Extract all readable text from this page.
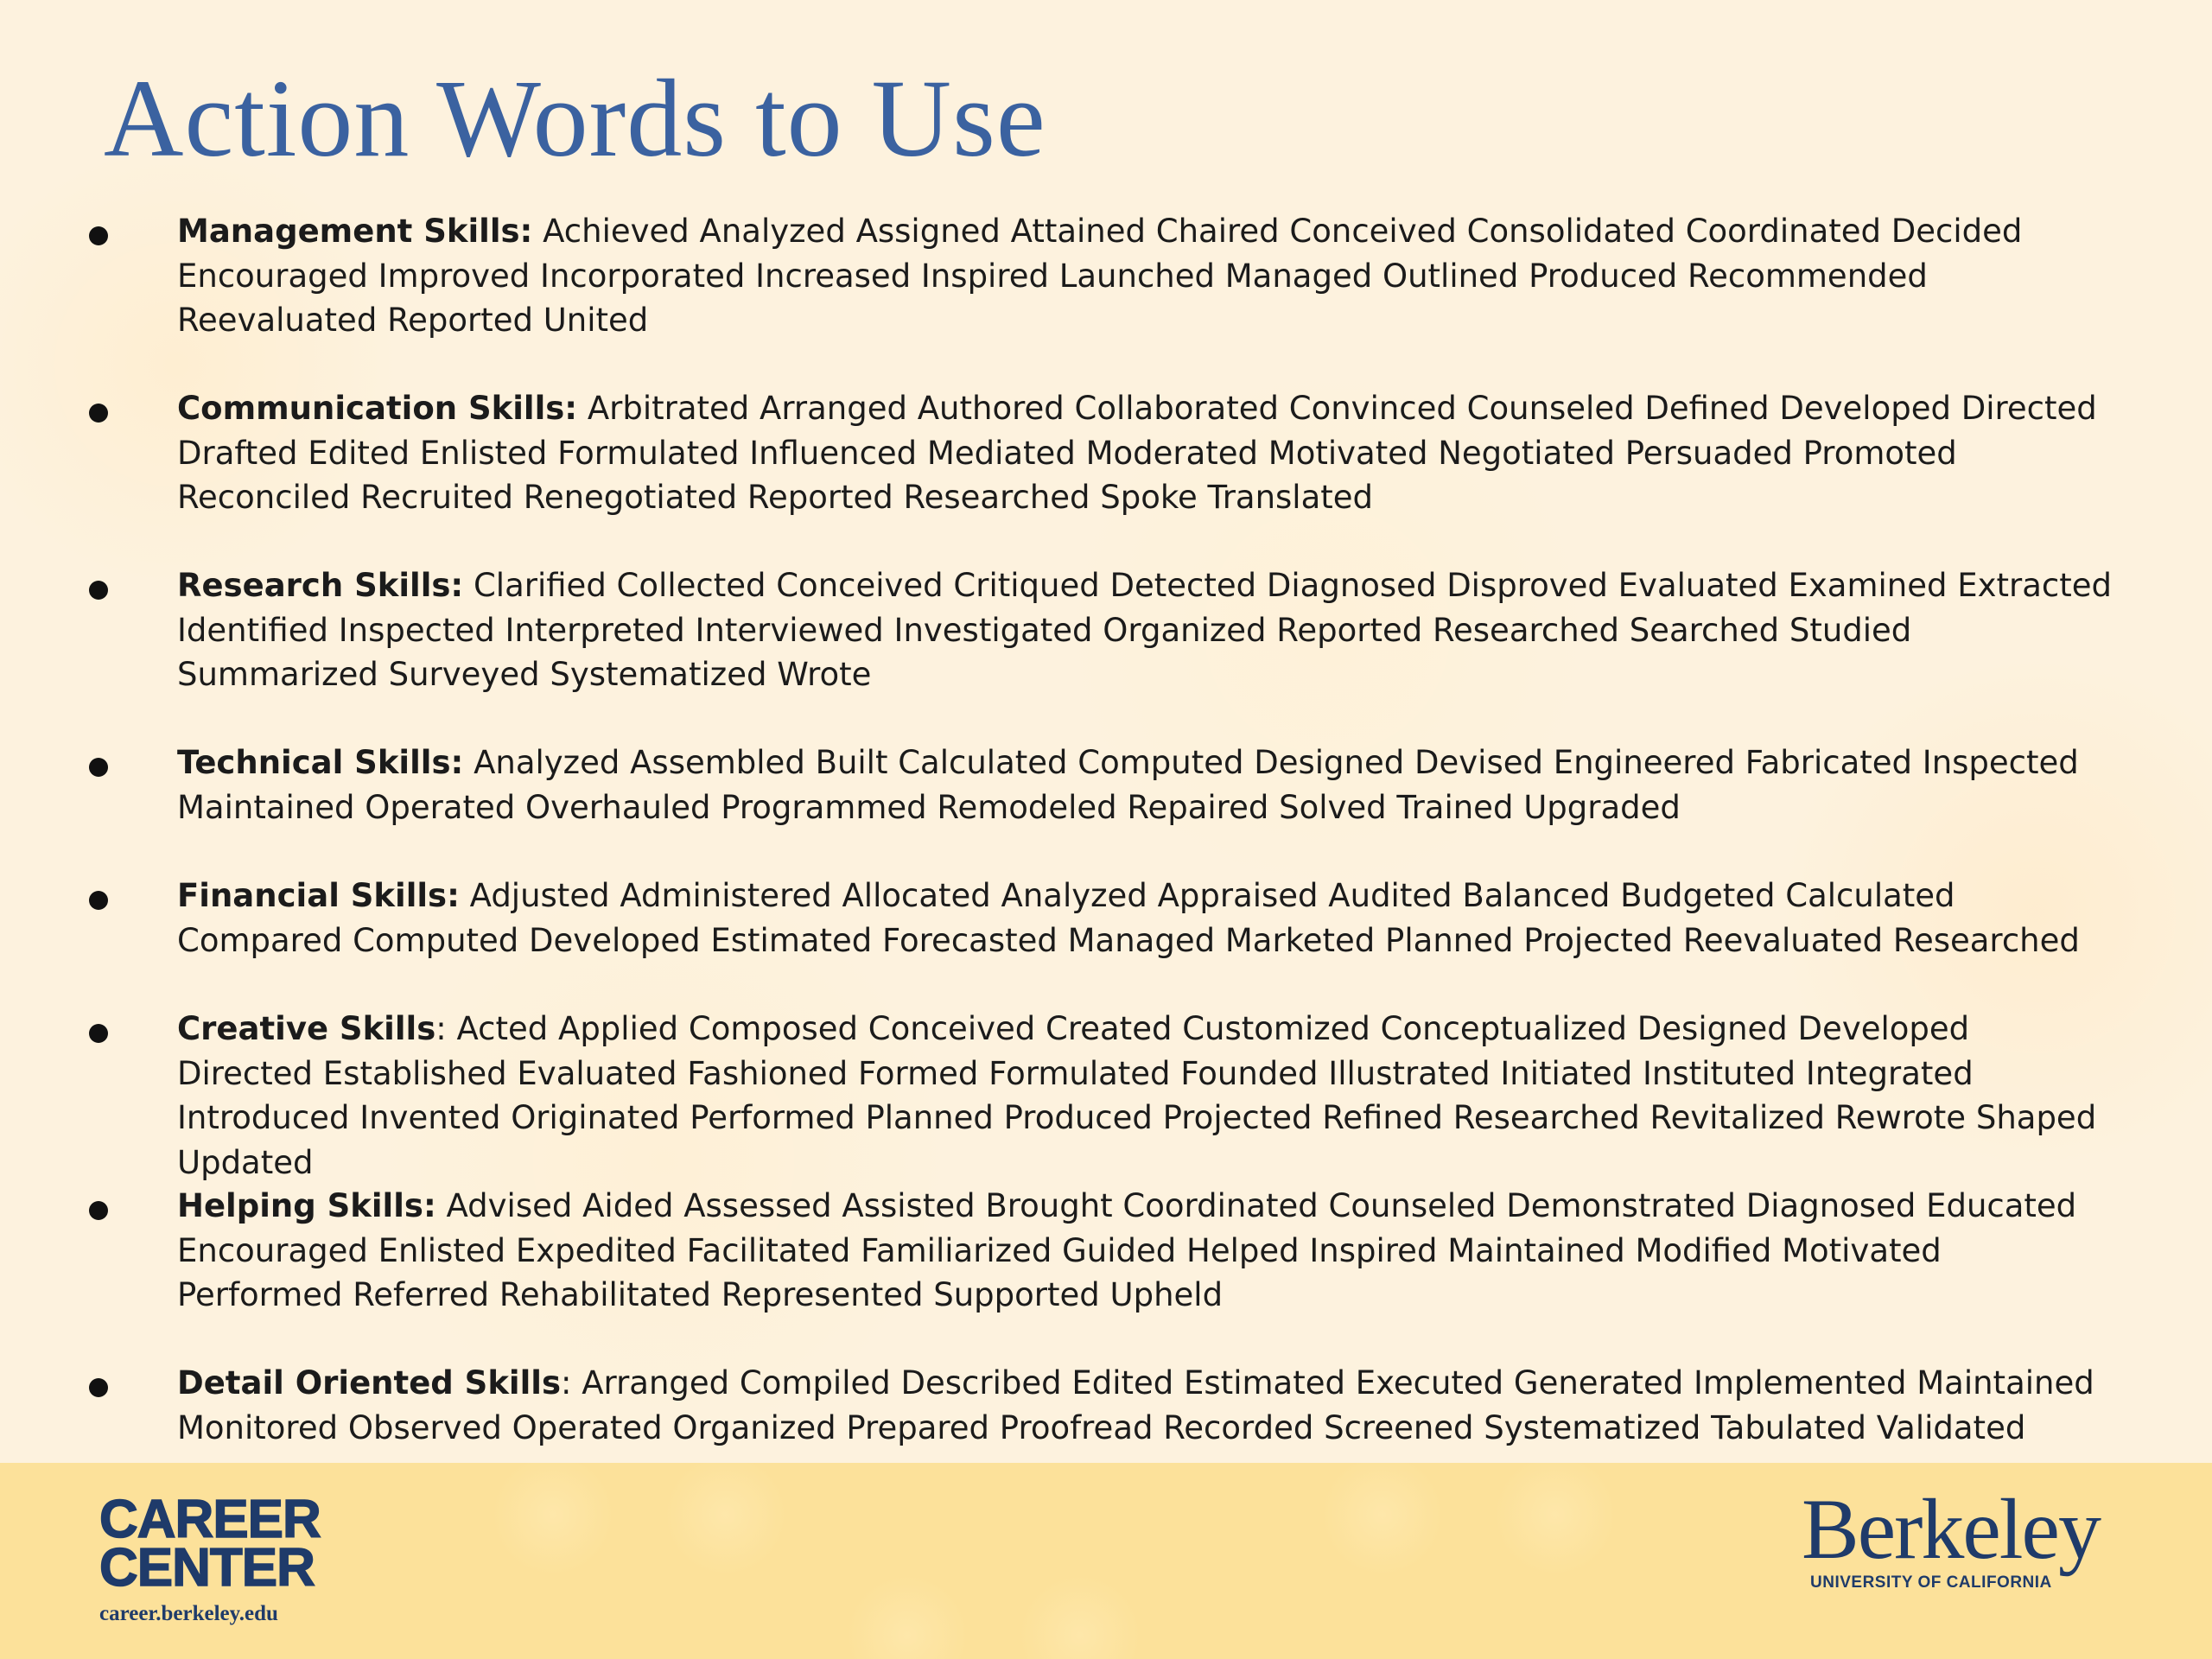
Action Words to Use

Management Skills: Achieved Analyzed Assigned Attained Chaired Conceived Consolidated Coordinated Decided Encouraged Improved Incorporated Increased Inspired Launched Managed Outlined Produced Recommended Reevaluated Reported United

Communication Skills: Arbitrated Arranged Authored Collaborated Convinced Counseled Defined Developed Directed Drafted Edited Enlisted Formulated Influenced Mediated Moderated Motivated Negotiated Persuaded Promoted Reconciled Recruited Renegotiated Reported Researched Spoke Translated

Research Skills: Clarified Collected Conceived Critiqued Detected Diagnosed Disproved Evaluated Examined Extracted Identified Inspected Interpreted Interviewed Investigated Organized Reported Researched Searched Studied Summarized Surveyed Systematized Wrote

Technical Skills: Analyzed Assembled Built Calculated Computed Designed Devised Engineered Fabricated Inspected Maintained Operated Overhauled Programmed Remodeled Repaired Solved Trained Upgraded

Financial Skills: Adjusted Administered Allocated Analyzed Appraised Audited Balanced Budgeted Calculated Compared Computed Developed Estimated Forecasted Managed Marketed Planned Projected Reevaluated Researched

Creative Skills: Acted Applied Composed Conceived Created Customized Conceptualized Designed Developed Directed Established Evaluated Fashioned Formed Formulated Founded Illustrated Initiated Instituted Integrated Introduced Invented Originated Performed Planned Produced Projected Refined Researched Revitalized Rewrote Shaped Updated

Helping Skills: Advised Aided Assessed Assisted Brought Coordinated Counseled Demonstrated Diagnosed Educated Encouraged Enlisted Expedited Facilitated Familiarized Guided Helped Inspired Maintained Modified Motivated Performed Referred Rehabilitated Represented Supported Upheld

Detail Oriented Skills: Arranged Compiled Described Edited Estimated Executed Generated Implemented Maintained Monitored Observed Operated Organized Prepared Proofread Recorded Screened Systematized Tabulated Validated

CAREER
CENTER
career.berkeley.edu
Berkeley
UNIVERSITY OF CALIFORNIA
